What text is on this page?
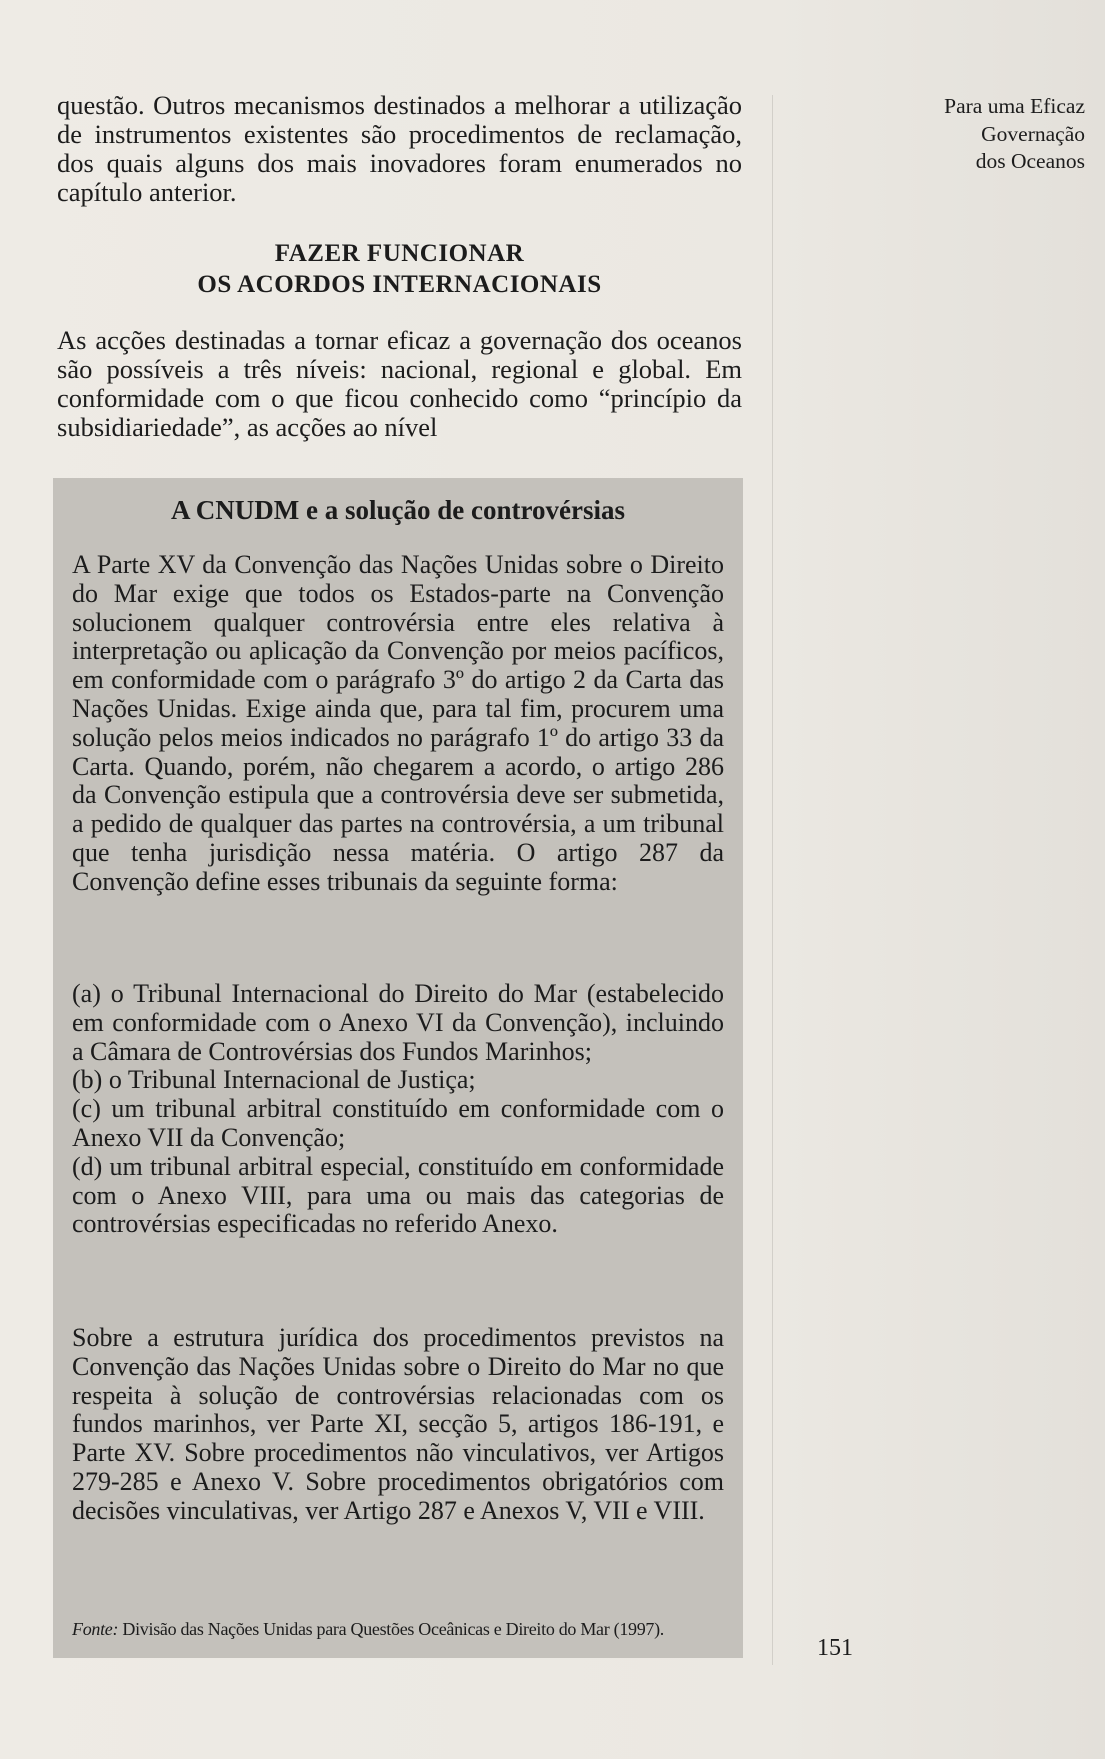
questão. Outros mecanismos destinados a melhorar a utilização de instrumentos existentes são procedimentos de reclamação, dos quais alguns dos mais inovadores foram enumerados no capítulo anterior.

FAZER FUNCIONAR
OS ACORDOS INTERNACIONAIS

As acções destinadas a tornar eficaz a governação dos oceanos são possíveis a três níveis: nacional, regional e global. Em conformidade com o que ficou conhecido como “princípio da subsidiariedade”, as acções ao nível

A CNUDM e a solução de controvérsias

A Parte XV da Convenção das Nações Unidas sobre o Direito do Mar exige que todos os Estados-parte na Convenção solucionem qualquer controvérsia entre eles relativa à interpretação ou aplicação da Convenção por meios pacíficos, em conformidade com o parágrafo 3º do artigo 2 da Carta das Nações Unidas. Exige ainda que, para tal fim, procurem uma solução pelos meios indicados no parágrafo 1º do artigo 33 da Carta. Quando, porém, não chegarem a acordo, o artigo 286 da Convenção estipula que a controvérsia deve ser submetida, a pedido de qualquer das partes na controvérsia, a um tribunal que tenha jurisdição nessa matéria. O artigo 287 da Convenção define esses tribunais da seguinte forma:

(a) o Tribunal Internacional do Direito do Mar (estabelecido em conformidade com o Anexo VI da Convenção), incluindo a Câmara de Controvérsias dos Fundos Marinhos;
(b) o Tribunal Internacional de Justiça;
(c) um tribunal arbitral constituído em conformidade com o Anexo VII da Convenção;
(d) um tribunal arbitral especial, constituído em conformidade com o Anexo VIII, para uma ou mais das categorias de controvérsias especificadas no referido Anexo.

Sobre a estrutura jurídica dos procedimentos previstos na Convenção das Nações Unidas sobre o Direito do Mar no que respeita à solução de controvérsias relacionadas com os fundos marinhos, ver Parte XI, secção 5, artigos 186-191, e Parte XV. Sobre procedimentos não vinculativos, ver Artigos 279-285 e Anexo V. Sobre procedimentos obrigatórios com decisões vinculativas, ver Artigo 287 e Anexos V, VII e VIII.

Fonte: Divisão das Nações Unidas para Questões Oceânicas e Direito do Mar (1997).
Para uma Eficaz
Governação
dos Oceanos
151
